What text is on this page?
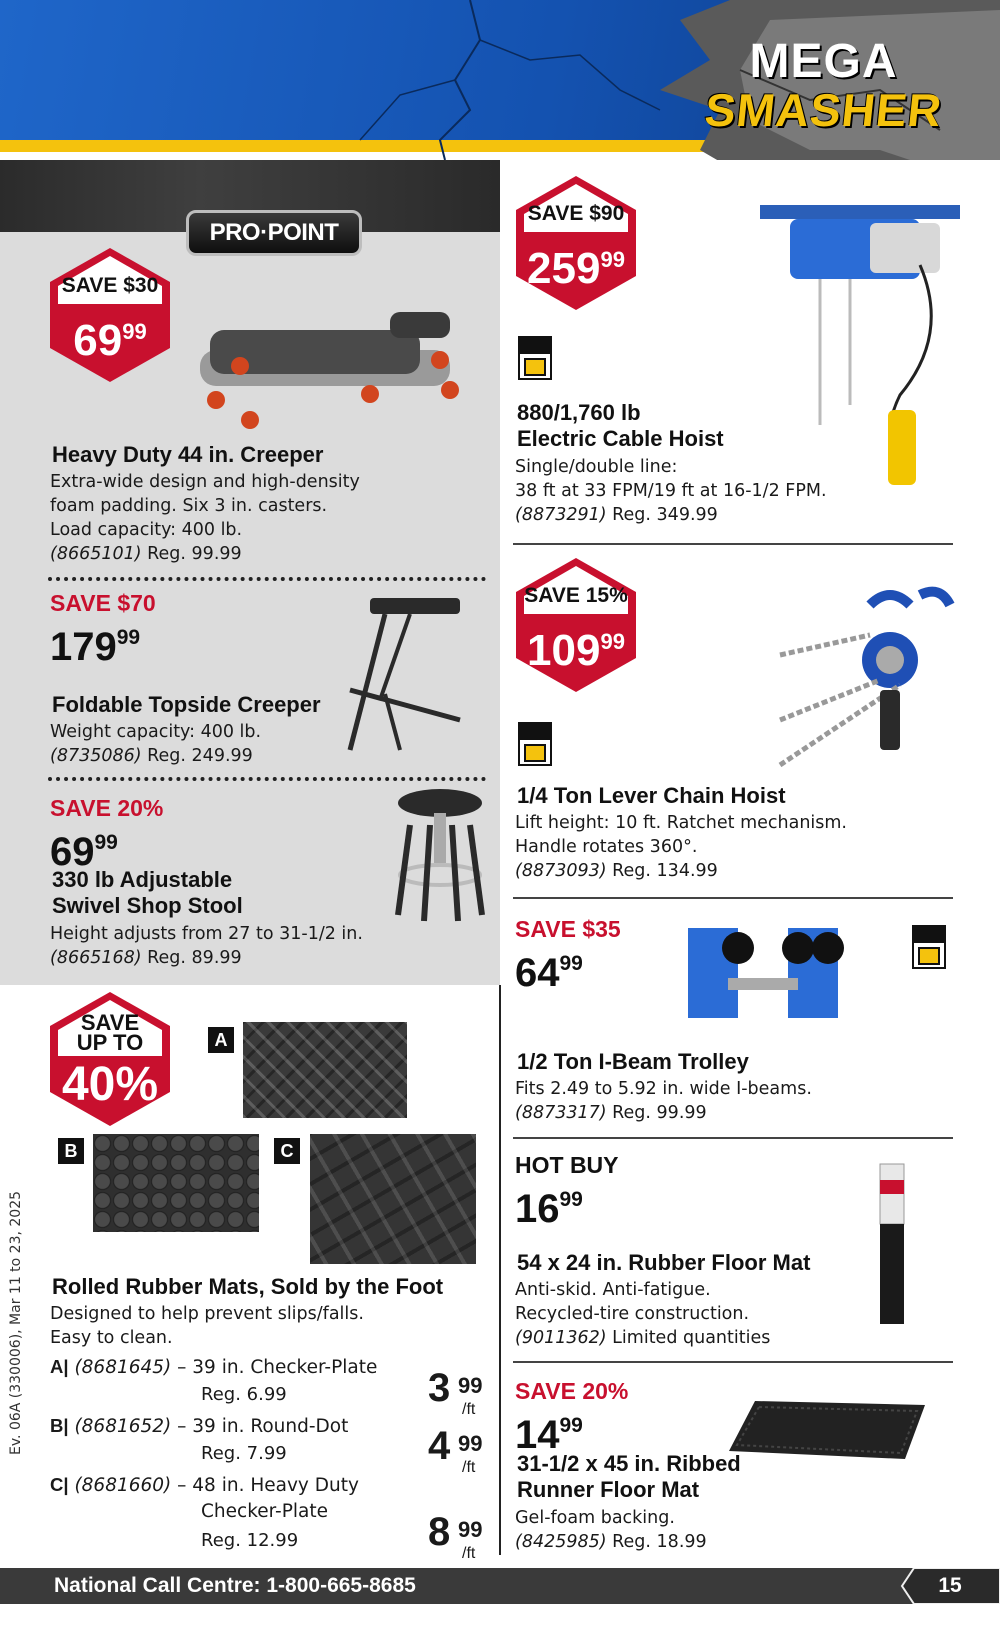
MEGA
SMASHER
PRO·POINT
SAVE $30
$69^{99}$
Heavy Duty 44 in. Creeper
Extra-wide design and high-density
foam padding. Six 3 in. casters.
Load capacity: 400 lb.
(8665101) Reg. 99.99
SAVE $70
$179^{99}$
Foldable Topside Creeper
Weight capacity: 400 lb.
(8735086) Reg. 249.99
SAVE 20%
$69^{99}$
330 lb Adjustable
Swivel Shop Stool
Height adjusts from 27 to 31-1/2 in.
(8665168) Reg. 89.99
SAVE
UP TO
40%
A
B	C
Rolled Rubber Mats, Sold by the Foot
Designed to help prevent slips/falls.
Easy to clean.
A| (8681645) – 39 in. Checker-Plate
Reg. 6.99	3 99
/ft
B| (8681652) – 39 in. Round-Dot
Reg. 7.99	4 99
/ft
C| (8681660) – 48 in. Heavy Duty
Checker-Plate
Reg. 12.99	8 99
/ft
Ev. 06A (330006), Mar 11 to 23, 2025
SAVE $90
$259^{99}$
880/1,760 lb
Electric Cable Hoist
Single/double line:
38 ft at 33 FPM/19 ft at 16-1/2 FPM.
(8873291) Reg. 349.99
SAVE 15%
$109^{99}$
1/4 Ton Lever Chain Hoist
Lift height: 10 ft. Ratchet mechanism.
Handle rotates 360°.
(8873093) Reg. 134.99
SAVE $35
$64^{99}$
1/2 Ton I-Beam Trolley
Fits 2.49 to 5.92 in. wide I-beams.
(8873317) Reg. 99.99
HOT BUY
$16^{99}$
54 x 24 in. Rubber Floor Mat
Anti-skid. Anti-fatigue.
Recycled-tire construction.
(9011362) Limited quantities
SAVE 20%
$14^{99}$
31-1/2 x 45 in. Ribbed
Runner Floor Mat
Gel-foam backing.
(8425985) Reg. 18.99
National Call Centre: 1-800-665-8685	15
